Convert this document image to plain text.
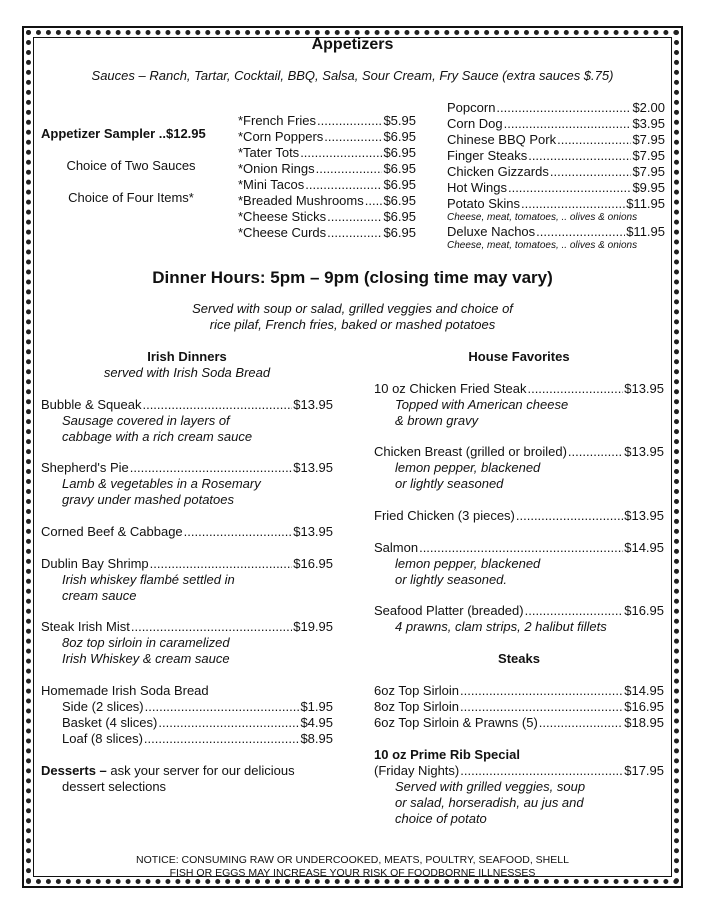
Appetizers
Sauces – Ranch, Tartar, Cocktail, BBQ, Salsa, Sour Cream, Fry Sauce (extra sauces $.75)
Appetizer Sampler ..$12.95
Choice of Two Sauces
Choice of Four Items*
*French Fries .....	$5.95
*Corn Poppers .....	$6.95
*Tater Tots .....	$6.95
*Onion Rings .....	$6.95
*Mini Tacos .....	$6.95
*Breaded Mushrooms ..... $6.95
*Cheese Sticks .....	$6.95
*Cheese Curds .....	$6.95
Popcorn .....	$2.00
Corn Dog .....	$3.95
Chinese BBQ Pork .....	$7.95
Finger Steaks .....	$7.95
Chicken Gizzards .....	$7.95
Hot Wings .....	$9.95
Potato Skins .....	$11.95
Cheese, meat, tomatoes, .. olives & onions
Deluxe Nachos .....	$11.95
Cheese, meat, tomatoes, .. olives & onions
Dinner Hours: 5pm – 9pm (closing time may vary)
Served with soup or salad, grilled veggies and choice of
rice pilaf, French fries, baked or mashed potatoes
Irish Dinners
served with Irish Soda Bread
Bubble & Squeak .....	$13.95
Sausage covered in layers of
cabbage with a rich cream sauce
Shepherd's Pie .....	$13.95
Lamb & vegetables in a Rosemary
gravy under mashed potatoes
Corned Beef & Cabbage .....	$13.95
Dublin Bay Shrimp .....	$16.95
Irish whiskey flambé settled in
cream sauce
Steak Irish Mist .....	$19.95
8oz top sirloin in caramelized
Irish Whiskey & cream sauce
Homemade Irish Soda Bread
Side (2 slices) .....	$1.95
Basket (4 slices) .....	$4.95
Loaf (8 slices) .....	$8.95
Desserts – ask your server for our delicious
dessert selections
House Favorites
10 oz Chicken Fried Steak .....	$13.95
Topped with American cheese
& brown gravy
Chicken Breast (grilled or broiled) .....	$13.95
lemon pepper, blackened
or lightly seasoned
Fried Chicken (3 pieces) .....	$13.95
Salmon .....	$14.95
lemon pepper, blackened
or lightly seasoned.
Seafood Platter (breaded) .....	$16.95
4 prawns, clam strips, 2 halibut fillets
Steaks
6oz Top Sirloin .....	$14.95
8oz Top Sirloin .....	$16.95
6oz Top Sirloin & Prawns (5) .....	$18.95
10 oz Prime Rib Special
(Friday Nights) .....	$17.95
Served with grilled veggies, soup
or salad, horseradish, au jus and
choice of potato
NOTICE: CONSUMING RAW OR UNDERCOOKED, MEATS, POULTRY, SEAFOOD, SHELL
FISH OR EGGS MAY INCREASE YOUR RISK OF FOODBORNE ILLNESSES
